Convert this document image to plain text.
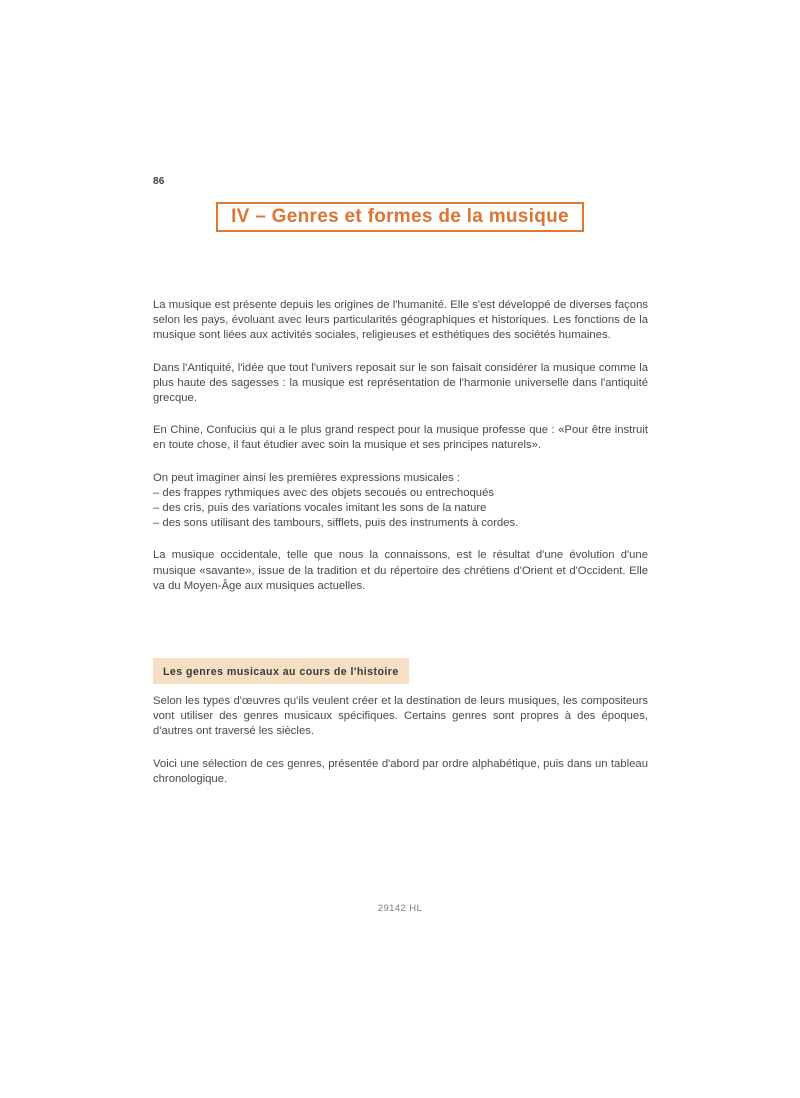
86
IV – Genres et formes de la musique

La musique est présente depuis les origines de l'humanité. Elle s'est développé de diverses façons selon les pays, évoluant avec leurs particularités géographiques et historiques. Les fonctions de la musique sont liées aux activités sociales, religieuses et esthétiques des sociétés humaines.

Dans l'Antiquité, l'idée que tout l'univers reposait sur le son faisait considérer la musique comme la plus haute des sagesses : la musique est représentation de l'harmonie universelle dans l'antiquité grecque.

En Chine, Confucius qui a le plus grand respect pour la musique professe que : «Pour être instruit en toute chose, il faut étudier avec soin la musique et ses principes naturels».

On peut imaginer ainsi les premières expressions musicales :
– des frappes rythmiques avec des objets secoués ou entrechoqués
– des cris, puis des variations vocales imitant les sons de la nature
– des sons utilisant des tambours, sifflets, puis des instruments à cordes.

La musique occidentale, telle que nous la connaissons, est le résultat d'une évolution d'une musique «savante», issue de la tradition et du répertoire des chrétiens d'Orient et d'Occident. Elle va du Moyen-Âge aux musiques actuelles.

Les genres musicaux au cours de l'histoire

Selon les types d'œuvres qu'ils veulent créer et la destination de leurs musiques, les compositeurs vont utiliser des genres musicaux spécifiques. Certains genres sont propres à des époques, d'autres ont traversé les siècles.

Voici une sélection de ces genres, présentée d'abord par ordre alphabétique, puis dans un tableau chronologique.

29142 HL
